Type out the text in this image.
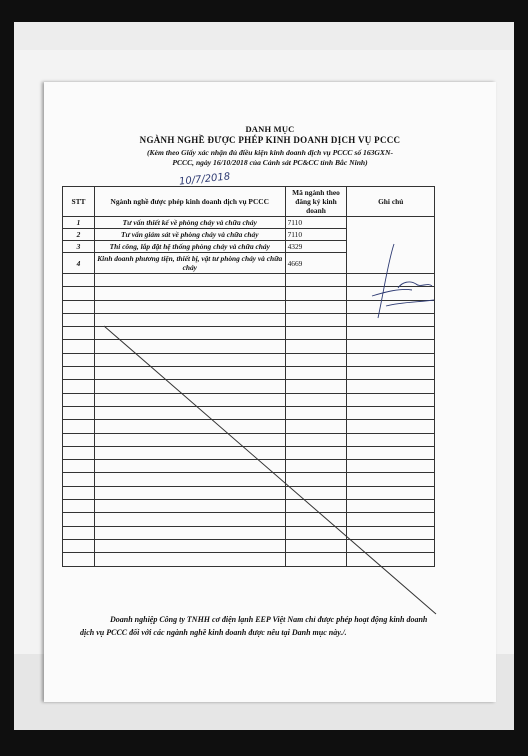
DANH MỤC
NGÀNH NGHỀ ĐƯỢC PHÉP KINH DOANH DỊCH VỤ PCCC
(Kèm theo Giấy xác nhận đủ điều kiện kinh doanh dịch vụ PCCC số 163GXN-
PCCC, ngày 16/10/2018 của Cảnh sát PC&CC tỉnh Bắc Ninh)
10/7/2018
STT	Ngành nghề được phép kinh doanh dịch vụ PCCC	Mã ngành theo đăng ký kinh doanh	Ghi chú
1	Tư vấn thiết kế về phòng cháy và chữa cháy	7110	
2	Tư vấn giám sát về phòng cháy và chữa cháy	7110	
3	Thi công, lắp đặt hệ thống phòng cháy và chữa cháy	4329	
4	Kinh doanh phương tiện, thiết bị, vật tư phòng cháy và chữa cháy	4669	

Doanh nghiệp Công ty TNHH cơ điện lạnh EEP Việt Nam chỉ được phép hoạt động kinh doanh dịch vụ PCCC đối với các ngành nghề kinh doanh được nêu tại Danh mục này./.
